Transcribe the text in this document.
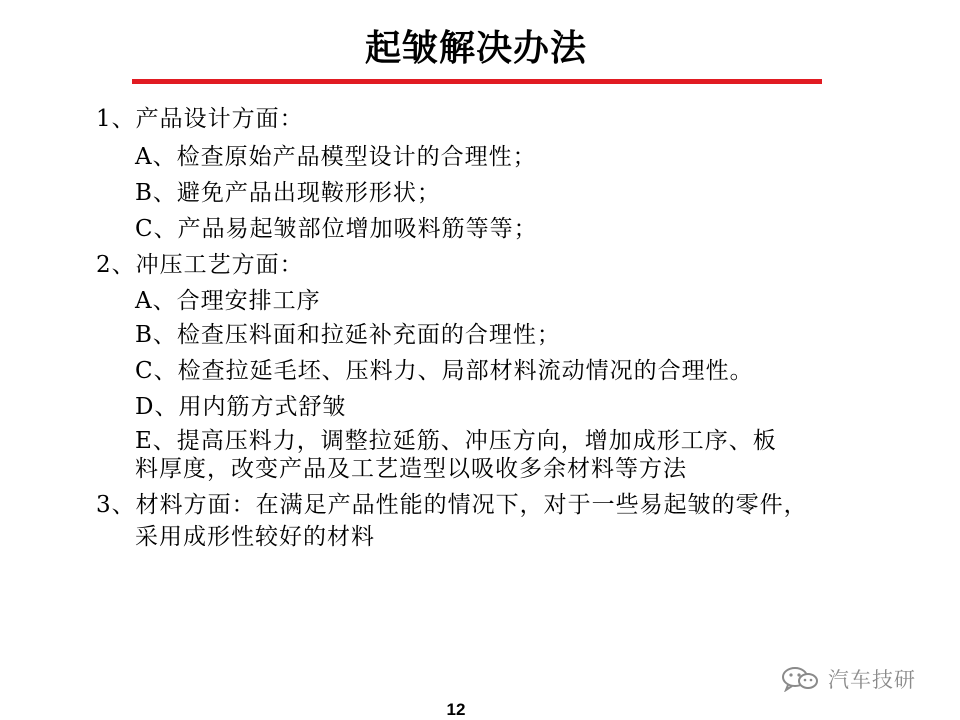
起皱解决办法
1、产品设计方面：
A、检查原始产品模型设计的合理性；
B、避免产品出现鞍形形状；
C、产品易起皱部位增加吸料筋等等；
2、冲压工艺方面：
A、合理安排工序
B、检查压料面和拉延补充面的合理性；
C、检查拉延毛坯、压料力、局部材料流动情况的合理性。
D、用内筋方式舒皱
E、提高压料力，调整拉延筋、冲压方向，增加成形工序、板
料厚度，改变产品及工艺造型以吸收多余材料等方法
3、材料方面：在满足产品性能的情况下，对于一些易起皱的零件，
采用成形性较好的材料
汽车技研
12
